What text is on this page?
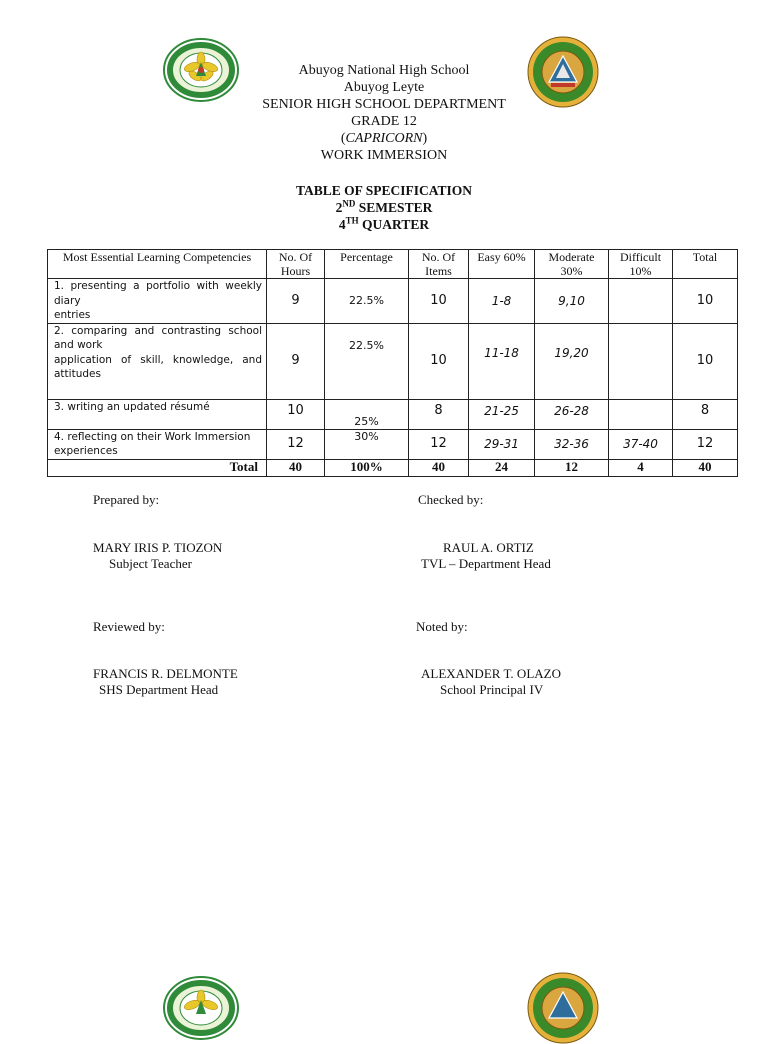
Abuyog National High School
Abuyog Leyte
SENIOR HIGH SCHOOL DEPARTMENT
GRADE 12
(CAPRICORN)
WORK IMMERSION
TABLE OF SPECIFICATION
2ND SEMESTER
4TH QUARTER
Most Essential Learning Competencies	No. Of Hours	Percentage	No. Of Items	Easy 60%	Moderate 30%	Difficult 10%	Total
1. presenting a portfolio with weekly diary
entries	9	22.5%	10	1-8	9,10		10
2. comparing and contrasting school and work
application of skill, knowledge, and attitudes	9	22.5%	10	11-18	19,20		10
3. writing an updated résumé	10	25%	8	21-25	26-28		8
4. reflecting on their Work Immersion experiences	12	30%	12	29-31	32-36	37-40	12
Total	40	100%	40	24	12	4	40
Prepared by:	Checked by:
MARY IRIS P. TIOZON
Subject Teacher
RAUL A. ORTIZ
TVL – Department Head
Reviewed by:	Noted by:
FRANCIS R. DELMONTE
SHS Department Head
ALEXANDER T. OLAZO
School Principal IV
